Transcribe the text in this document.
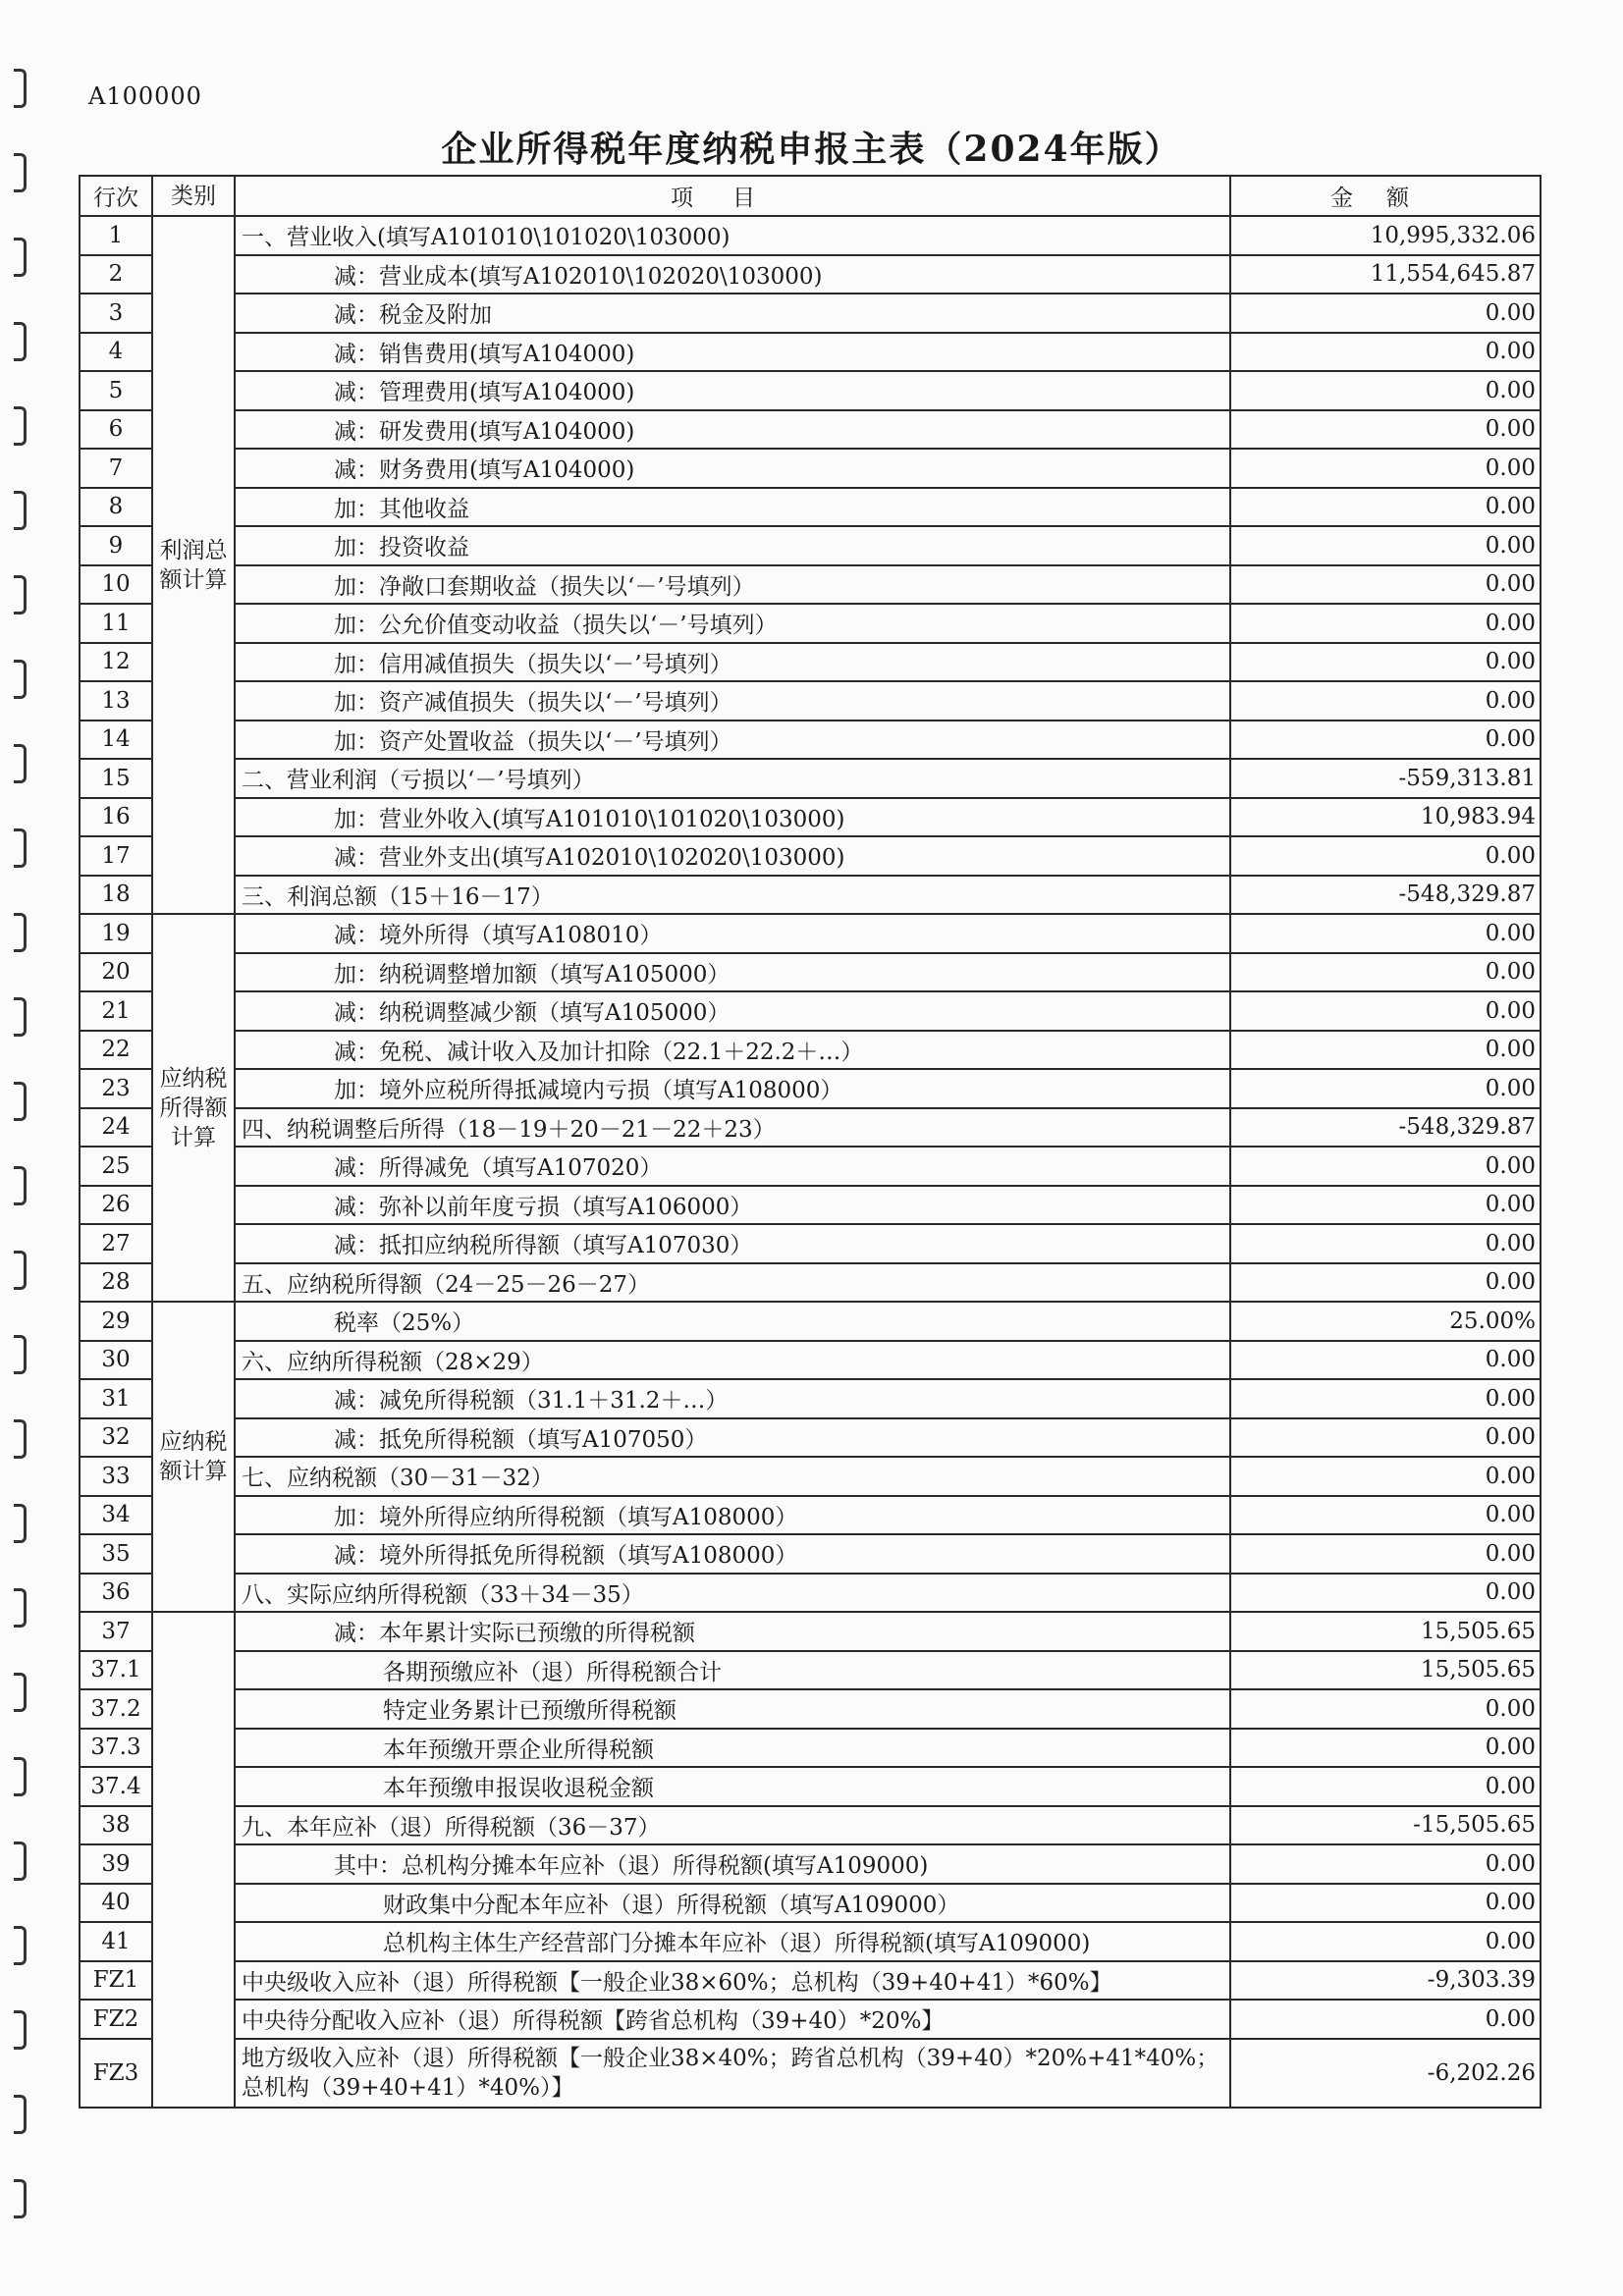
A100000
企业所得税年度纳税申报主表（2024年版）
行次	类别	项目	金额
1	利润总额计算	一、营业收入(填写A101010\101020\103000)	10,995,332.06
2		减：营业成本(填写A102010\102020\103000)	11,554,645.87
3		减：税金及附加	0.00
4		减：销售费用(填写A104000)	0.00
5		减：管理费用(填写A104000)	0.00
6		减：研发费用(填写A104000)	0.00
7		减：财务费用(填写A104000)	0.00
8		加：其他收益	0.00
9		加：投资收益	0.00
10		加：净敞口套期收益（损失以‘－’号填列）	0.00
11		加：公允价值变动收益（损失以‘－’号填列）	0.00
12		加：信用减值损失（损失以‘－’号填列）	0.00
13		加：资产减值损失（损失以‘－’号填列）	0.00
14		加：资产处置收益（损失以‘－’号填列）	0.00
15		二、营业利润（亏损以‘－’号填列）	-559,313.81
16		加：营业外收入(填写A101010\101020\103000)	10,983.94
17		减：营业外支出(填写A102010\102020\103000)	0.00
18		三、利润总额（15＋16－17）	-548,329.87
19	应纳税所得额计算	减：境外所得（填写A108010）	0.00
20		加：纳税调整增加额（填写A105000）	0.00
21		减：纳税调整减少额（填写A105000）	0.00
22		减：免税、减计收入及加计扣除（22.1＋22.2＋…）	0.00
23		加：境外应税所得抵减境内亏损（填写A108000）	0.00
24		四、纳税调整后所得（18－19＋20－21－22＋23）	-548,329.87
25		减：所得减免（填写A107020）	0.00
26		减：弥补以前年度亏损（填写A106000）	0.00
27		减：抵扣应纳税所得额（填写A107030）	0.00
28		五、应纳税所得额（24－25－26－27）	0.00
29	应纳税额计算	税率（25%）	25.00%
30		六、应纳所得税额（28×29）	0.00
31		减：减免所得税额（31.1＋31.2＋…）	0.00
32		减：抵免所得税额（填写A107050）	0.00
33		七、应纳税额（30－31－32）	0.00
34		加：境外所得应纳所得税额（填写A108000）	0.00
35		减：境外所得抵免所得税额（填写A108000）	0.00
36		八、实际应纳所得税额（33＋34－35）	0.00
37		减：本年累计实际已预缴的所得税额	15,505.65
37.1		各期预缴应补（退）所得税额合计	15,505.65
37.2		特定业务累计已预缴所得税额	0.00
37.3		本年预缴开票企业所得税额	0.00
37.4		本年预缴申报误收退税金额	0.00
38		九、本年应补（退）所得税额（36－37）	-15,505.65
39		其中：总机构分摊本年应补（退）所得税额(填写A109000)	0.00
40		财政集中分配本年应补（退）所得税额（填写A109000）	0.00
41		总机构主体生产经营部门分摊本年应补（退）所得税额(填写A109000)	0.00
FZ1		中央级收入应补（退）所得税额【一般企业38×60%；总机构（39+40+41）*60%】	-9,303.39
FZ2		中央待分配收入应补（退）所得税额【跨省总机构（39+40）*20%】	0.00
FZ3		地方级收入应补（退）所得税额【一般企业38×40%；跨省总机构（39+40）*20%+41*40%；总机构（39+40+41）*40%）】	-6,202.26
